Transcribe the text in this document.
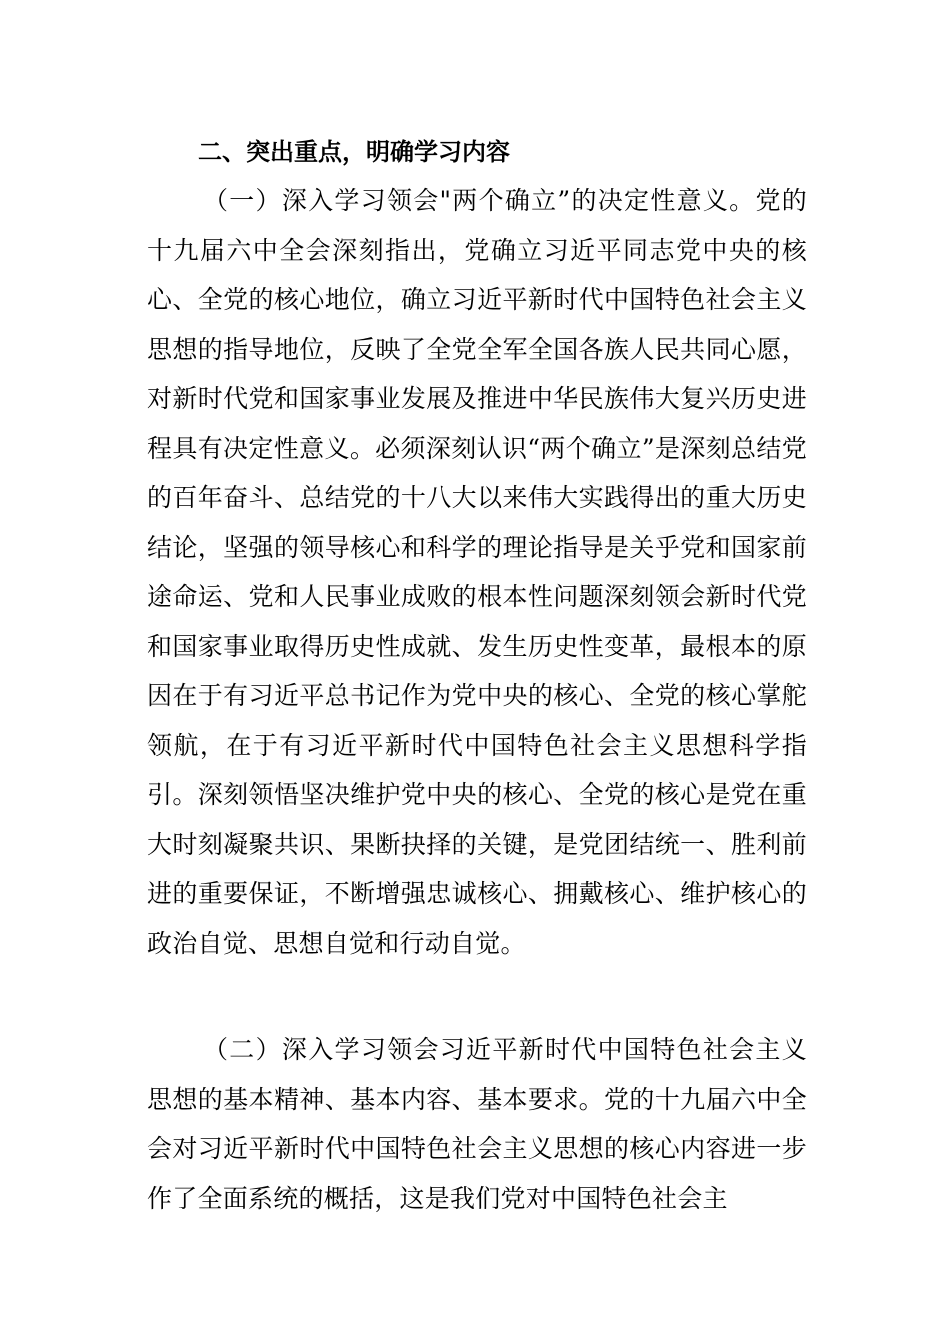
二、突出重点，明确学习内容

（一）深入学习领会"两个确立”的决定性意义。党的十九届六中全会深刻指出，党确立习近平同志党中央的核心、全党的核心地位，确立习近平新时代中国特色社会主义思想的指导地位，反映了全党全军全国各族人民共同心愿，对新时代党和国家事业发展及推进中华民族伟大复兴历史进程具有决定性意义。必须深刻认识“两个确立”是深刻总结党的百年奋斗、总结党的十八大以来伟大实践得出的重大历史结论，坚强的领导核心和科学的理论指导是关乎党和国家前途命运、党和人民事业成败的根本性问题深刻领会新时代党和国家事业取得历史性成就、发生历史性变革，最根本的原因在于有习近平总书记作为党中央的核心、全党的核心掌舵领航，在于有习近平新时代中国特色社会主义思想科学指引。深刻领悟坚决维护党中央的核心、全党的核心是党在重大时刻凝聚共识、果断抉择的关键，是党团结统一、胜利前进的重要保证，不断增强忠诚核心、拥戴核心、维护核心的政治自觉、思想自觉和行动自觉。

（二）深入学习领会习近平新时代中国特色社会主义思想的基本精神、基本内容、基本要求。党的十九届六中全会对习近平新时代中国特色社会主义思想的核心内容进一步作了全面系统的概括，这是我们党对中国特色社会主
